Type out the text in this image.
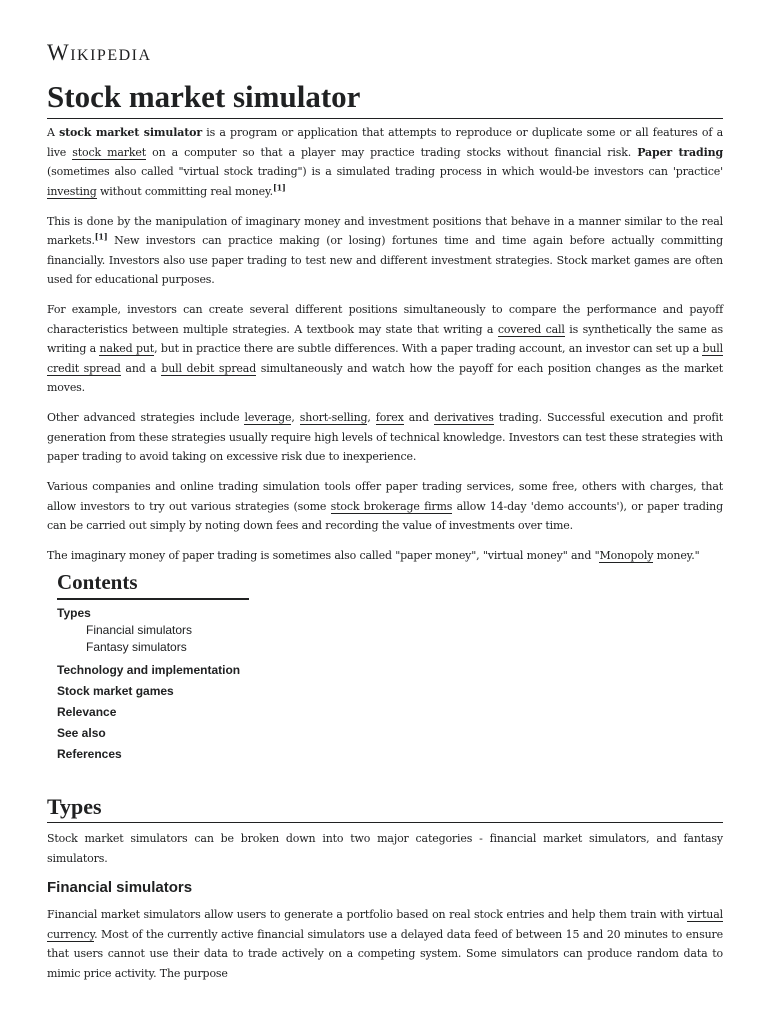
Wikipedia
Stock market simulator

A stock market simulator is a program or application that attempts to reproduce or duplicate some or all features of a live stock market on a computer so that a player may practice trading stocks without financial risk. Paper trading (sometimes also called "virtual stock trading") is a simulated trading process in which would-be investors can 'practice' investing without committing real money.[1]

This is done by the manipulation of imaginary money and investment positions that behave in a manner similar to the real markets.[1] New investors can practice making (or losing) fortunes time and time again before actually committing financially. Investors also use paper trading to test new and different investment strategies. Stock market games are often used for educational purposes.

For example, investors can create several different positions simultaneously to compare the performance and payoff characteristics between multiple strategies. A textbook may state that writing a covered call is synthetically the same as writing a naked put, but in practice there are subtle differences. With a paper trading account, an investor can set up a bull credit spread and a bull debit spread simultaneously and watch how the payoff for each position changes as the market moves.

Other advanced strategies include leverage, short-selling, forex and derivatives trading. Successful execution and profit generation from these strategies usually require high levels of technical knowledge. Investors can test these strategies with paper trading to avoid taking on excessive risk due to inexperience.

Various companies and online trading simulation tools offer paper trading services, some free, others with charges, that allow investors to try out various strategies (some stock brokerage firms allow 14-day 'demo accounts'), or paper trading can be carried out simply by noting down fees and recording the value of investments over time.

The imaginary money of paper trading is sometimes also called "paper money", "virtual money" and "Monopoly money."

Contents
Types
Financial simulators
Fantasy simulators
Technology and implementation
Stock market games
Relevance
See also
References
Types

Stock market simulators can be broken down into two major categories - financial market simulators, and fantasy simulators.

Financial simulators

Financial market simulators allow users to generate a portfolio based on real stock entries and help them train with virtual currency. Most of the currently active financial simulators use a delayed data feed of between 15 and 20 minutes to ensure that users cannot use their data to trade actively on a competing system. Some simulators can produce random data to mimic price activity. The purpose
